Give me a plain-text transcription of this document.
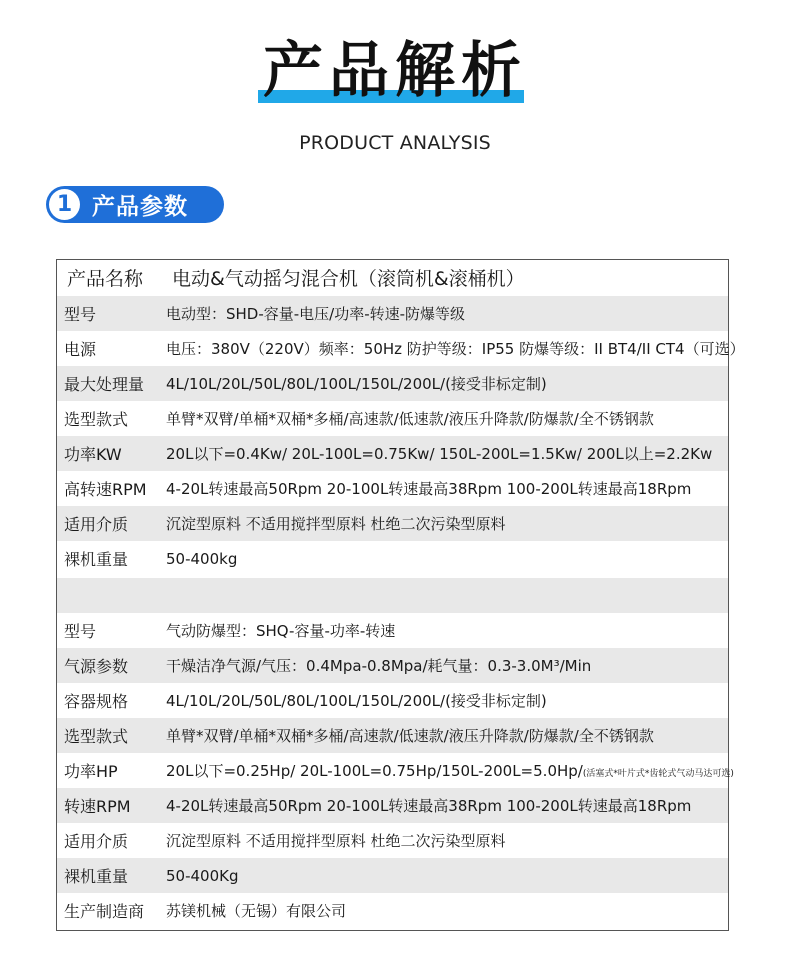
产品解析
PRODUCT ANALYSIS
1 产品参数
产品名称 电动&气动摇匀混合机（滚筒机&滚桶机）
型号	电动型：SHD-容量-电压/功率-转速-防爆等级
电源	电压：380V（220V）频率：50Hz 防护等级：IP55 防爆等级：II BT4/II CT4（可选）
最大处理量 4L/10L/20L/50L/80L/100L/150L/200L/(接受非标定制)
选型款式	单臂*双臂/单桶*双桶*多桶/高速款/低速款/液压升降款/防爆款/全不锈钢款
功率KW	20L以下=0.4Kw/ 20L-100L=0.75Kw/ 150L-200L=1.5Kw/ 200L以上=2.2Kw
高转速RPM 4-20L转速最高50Rpm 20-100L转速最高38Rpm 100-200L转速最高18Rpm
适用介质	沉淀型原料 不适用搅拌型原料 杜绝二次污染型原料
裸机重量	50-400kg
型号	气动防爆型：SHQ-容量-功率-转速
气源参数	干燥洁净气源/气压：0.4Mpa-0.8Mpa/耗气量：0.3-3.0M³/Min
容器规格	4L/10L/20L/50L/80L/100L/150L/200L/(接受非标定制)
选型款式	单臂*双臂/单桶*双桶*多桶/高速款/低速款/液压升降款/防爆款/全不锈钢款
功率HP	20L以下=0.25Hp/ 20L-100L=0.75Hp/150L-200L=5.0Hp/(活塞式*叶片式*齿轮式气动马达可选)
转速RPM 4-20L转速最高50Rpm 20-100L转速最高38Rpm 100-200L转速最高18Rpm
适用介质	沉淀型原料 不适用搅拌型原料 杜绝二次污染型原料
裸机重量	50-400Kg
生产制造商 苏镁机械（无锡）有限公司
